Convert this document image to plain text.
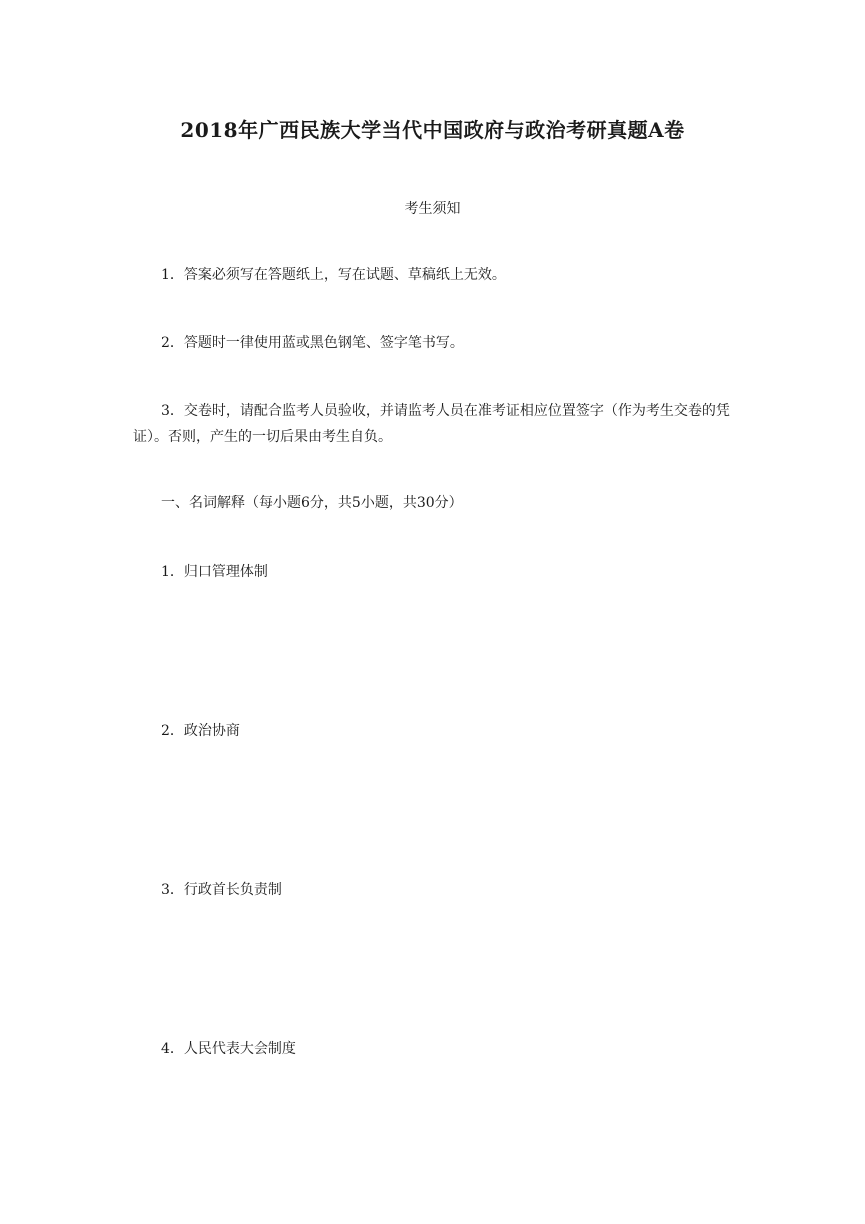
2018年广西民族大学当代中国政府与政治考研真题A卷
考生须知
1．答案必须写在答题纸上，写在试题、草稿纸上无效。
2．答题时一律使用蓝或黑色钢笔、签字笔书写。
3．交卷时，请配合监考人员验收，并请监考人员在准考证相应位置签字（作为考生交卷的凭证）。否则，产生的一切后果由考生自负。
一、名词解释（每小题6分，共5小题，共30分）
1．归口管理体制
2．政治协商
3．行政首长负责制
4．人民代表大会制度
